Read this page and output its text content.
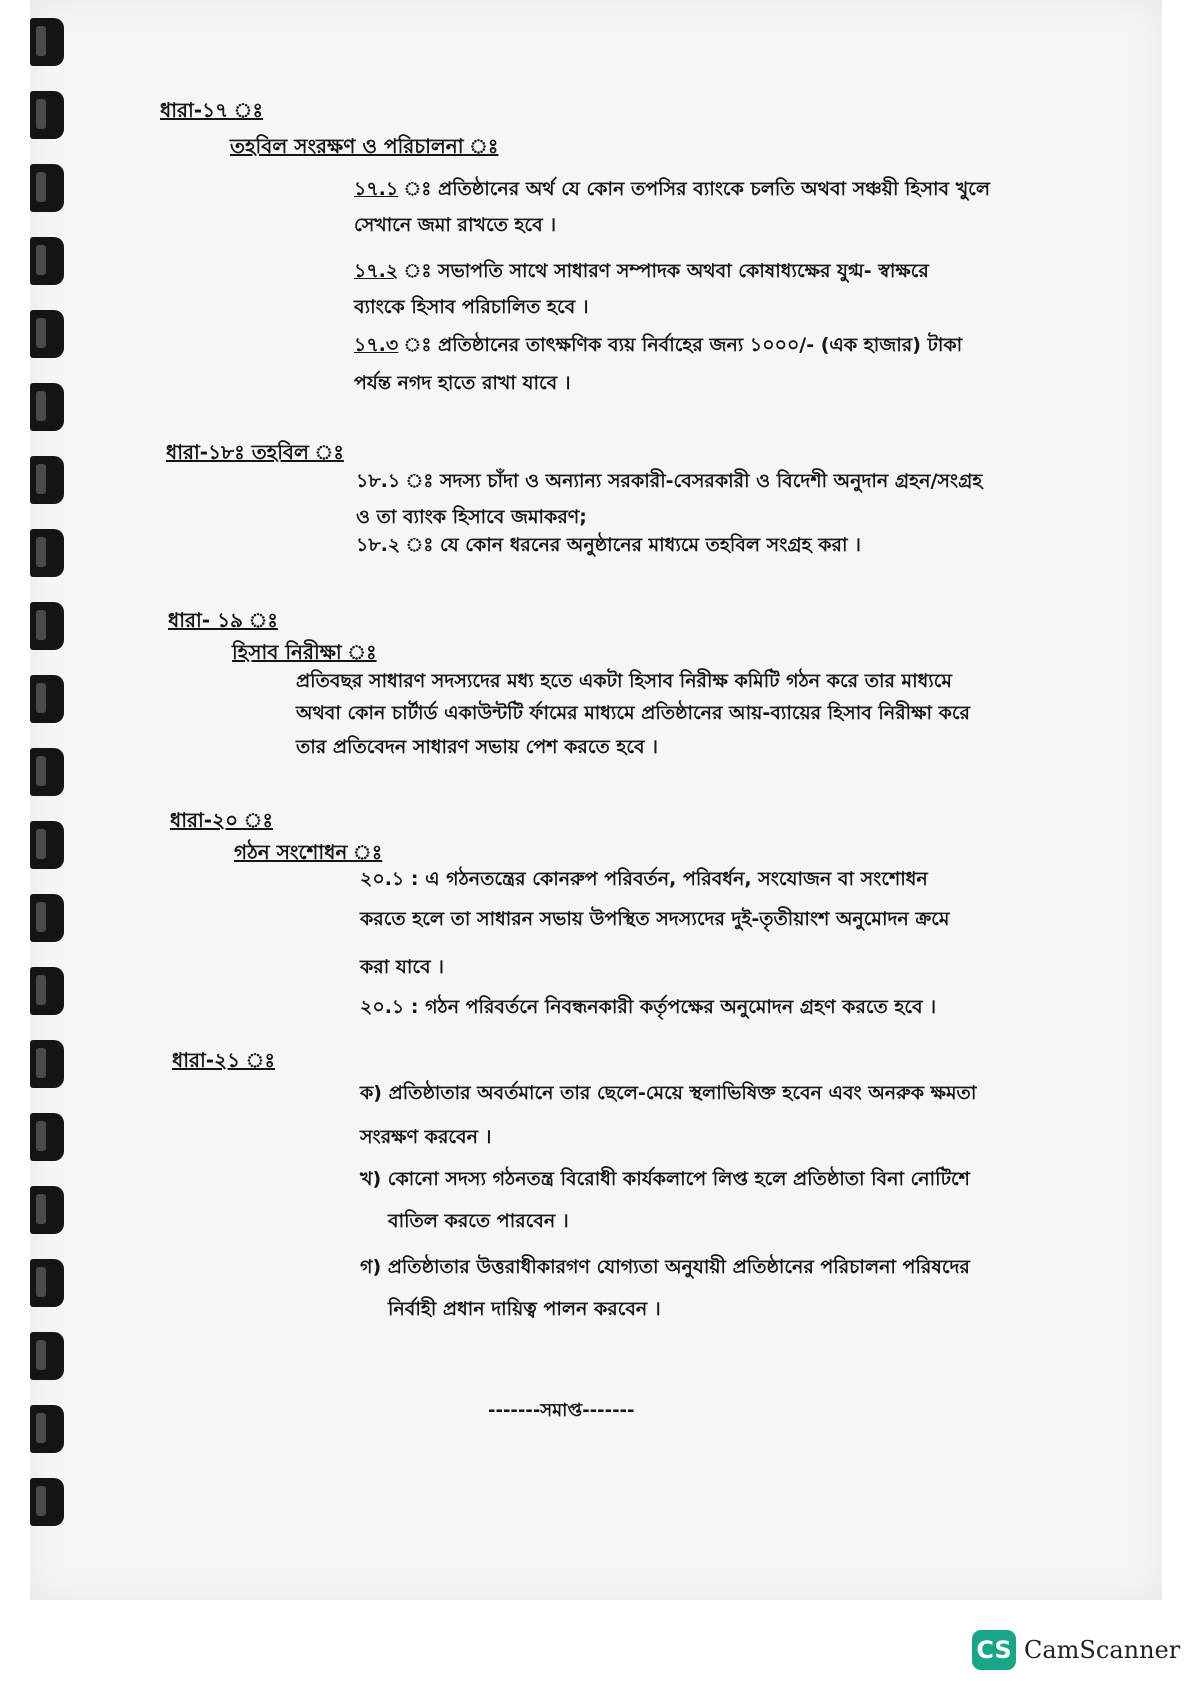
ধারা-১৭ ঃ
তহবিল সংরক্ষণ ও পরিচালনা ঃ
১৭.১ ঃ প্রতিষ্ঠানের অর্থ যে কোন তপসির ব্যাংকে চলতি অথবা সঞ্চয়ী হিসাব খুলে
সেখানে জমা রাখতে হবে ।
১৭.২ ঃ সভাপতি সাথে সাধারণ সম্পাদক অথবা কোষাধ্যক্ষের যুগ্ম- স্বাক্ষরে
ব্যাংকে হিসাব পরিচালিত হবে ।
১৭.৩ ঃ প্রতিষ্ঠানের তাৎক্ষণিক ব্যয় নির্বাহের জন্য ১০০০/- (এক হাজার) টাকা
পর্যন্ত নগদ হাতে রাখা যাবে ।
ধারা-১৮ঃ তহবিল ঃ
১৮.১ ঃ সদস্য চাঁদা ও অন্যান্য সরকারী-বেসরকারী ও বিদেশী অনুদান গ্রহন/সংগ্রহ
ও তা ব্যাংক হিসাবে জমাকরণ;
১৮.২ ঃ যে কোন ধরনের অনুষ্ঠানের মাধ্যমে তহবিল সংগ্রহ করা ।
ধারা- ১৯ ঃ
হিসাব নিরীক্ষা ঃ
প্রতিবছর সাধারণ সদস্যদের মধ্য হতে একটা হিসাব নিরীক্ষ কমিটি গঠন করে তার মাধ্যমে
অথবা কোন চার্টার্ড একাউন্টটি র্ফামের মাধ্যমে প্রতিষ্ঠানের আয়-ব্যায়ের হিসাব নিরীক্ষা করে
তার প্রতিবেদন সাধারণ সভায় পেশ করতে হবে ।
ধারা-২০ ঃ
গঠন সংশোধন ঃ
২০.১ : এ গঠনতন্ত্রের কোনরুপ পরিবর্তন, পরিবর্ধন, সংযোজন বা সংশোধন
করতে হলে তা সাধারন সভায় উপস্থিত সদস্যদের দুই-তৃতীয়াংশ অনুমোদন ক্রমে
করা যাবে ।
২০.১ : গঠন পরিবর্তনে নিবন্ধনকারী কর্তৃপক্ষের অনুমোদন গ্রহণ করতে হবে ।
ধারা-২১ ঃ
ক) প্রতিষ্ঠাতার অবর্তমানে তার ছেলে-মেয়ে স্থলাভিষিক্ত হবেন এবং অনরুক ক্ষমতা
সংরক্ষণ করবেন ।
খ) কোনো সদস্য গঠনতন্ত্র বিরোধী কার্যকলাপে লিপ্ত হলে প্রতিষ্ঠাতা বিনা নোটিশে
বাতিল করতে পারবেন ।
গ) প্রতিষ্ঠাতার উত্তরাধীকারগণ যোগ্যতা অনুযায়ী প্রতিষ্ঠানের পরিচালনা পরিষদের
নির্বাহী প্রধান দায়িত্ব পালন করবেন ।
-------সমাপ্ত-------
CS CamScanner
